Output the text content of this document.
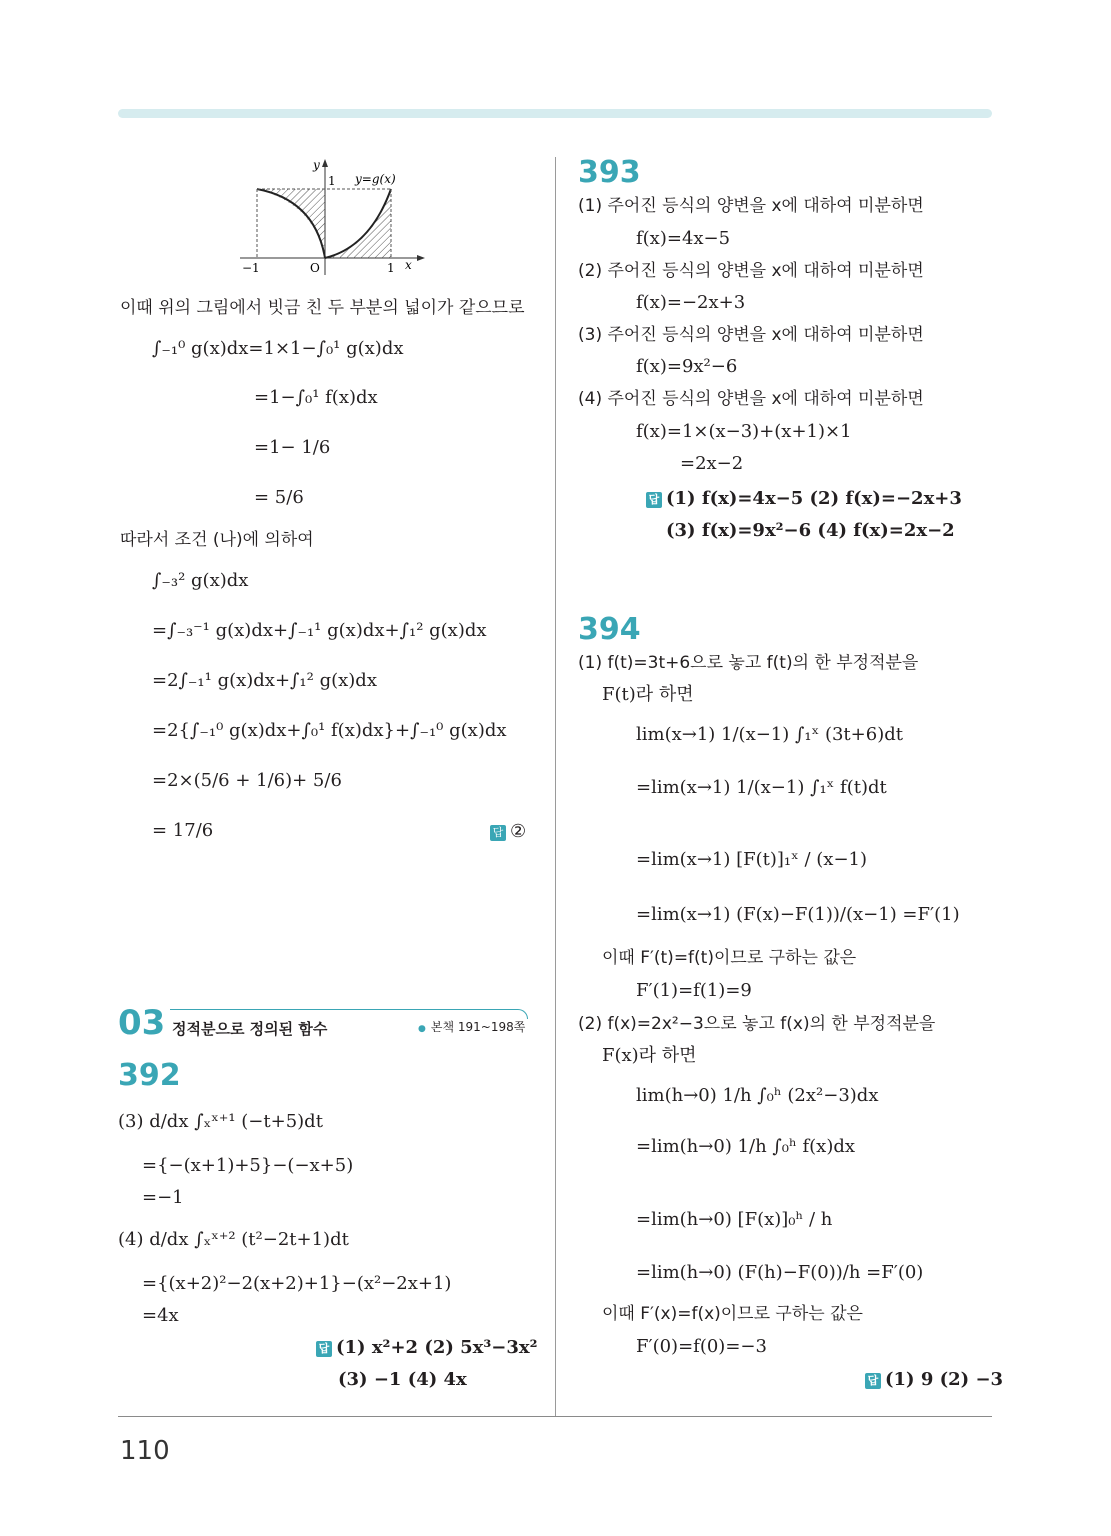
y
1 y=g(x)
−1	O	1 x
이때 위의 그림에서 빗금 친 두 부분의 넓이가 같으므로
∫₋₁⁰ g(x)dx=1×1−∫₀¹ g(x)dx
=1−∫₀¹ f(x)dx
=1− 1/6
= 5/6
따라서 조건 (나)에 의하여
∫₋₃² g(x)dx
=∫₋₃⁻¹ g(x)dx+∫₋₁¹ g(x)dx+∫₁² g(x)dx
=2∫₋₁¹ g(x)dx+∫₁² g(x)dx
=2{∫₋₁⁰ g(x)dx+∫₀¹ f(x)dx}+∫₋₁⁰ g(x)dx
=2×(5/6 + 1/6)+ 5/6
= 17/6	답 ②
03 정적분으로 정의된 함수
●	본책 191~198쪽
392
(3) d/dx ∫ₓˣ⁺¹ (−t+5)dt
={−(x+1)+5}−(−x+5)
=−1
(4) d/dx ∫ₓˣ⁺² (t²−2t+1)dt
={(x+2)²−2(x+2)+1}−(x²−2x+1)
=4x
답 (1) x²+2 (2) 5x³−3x²
(3) −1 (4) 4x
393
(1) 주어진 등식의 양변을 x에 대하여 미분하면
f(x)=4x−5
(2) 주어진 등식의 양변을 x에 대하여 미분하면
f(x)=−2x+3
(3) 주어진 등식의 양변을 x에 대하여 미분하면
f(x)=9x²−6
(4) 주어진 등식의 양변을 x에 대하여 미분하면
f(x)=1×(x−3)+(x+1)×1
=2x−2
답 (1) f(x)=4x−5 (2) f(x)=−2x+3
(3) f(x)=9x²−6 (4) f(x)=2x−2
394
(1) f(t)=3t+6으로 놓고 f(t)의 한 부정적분을
F(t)라 하면
lim(x→1) 1/(x−1) ∫₁ˣ (3t+6)dt
=lim(x→1) 1/(x−1) ∫₁ˣ f(t)dt
=lim(x→1) [F(t)]₁ˣ / (x−1)
=lim(x→1) (F(x)−F(1))/(x−1) =F′(1)
이때 F′(t)=f(t)이므로 구하는 값은
F′(1)=f(1)=9
(2) f(x)=2x²−3으로 놓고 f(x)의 한 부정적분을
F(x)라 하면
lim(h→0) 1/h ∫₀ʰ (2x²−3)dx
=lim(h→0) 1/h ∫₀ʰ f(x)dx
=lim(h→0) [F(x)]₀ʰ / h
=lim(h→0) (F(h)−F(0))/h =F′(0)
이때 F′(x)=f(x)이므로 구하는 값은
F′(0)=f(0)=−3
답 (1) 9 (2) −3
110
